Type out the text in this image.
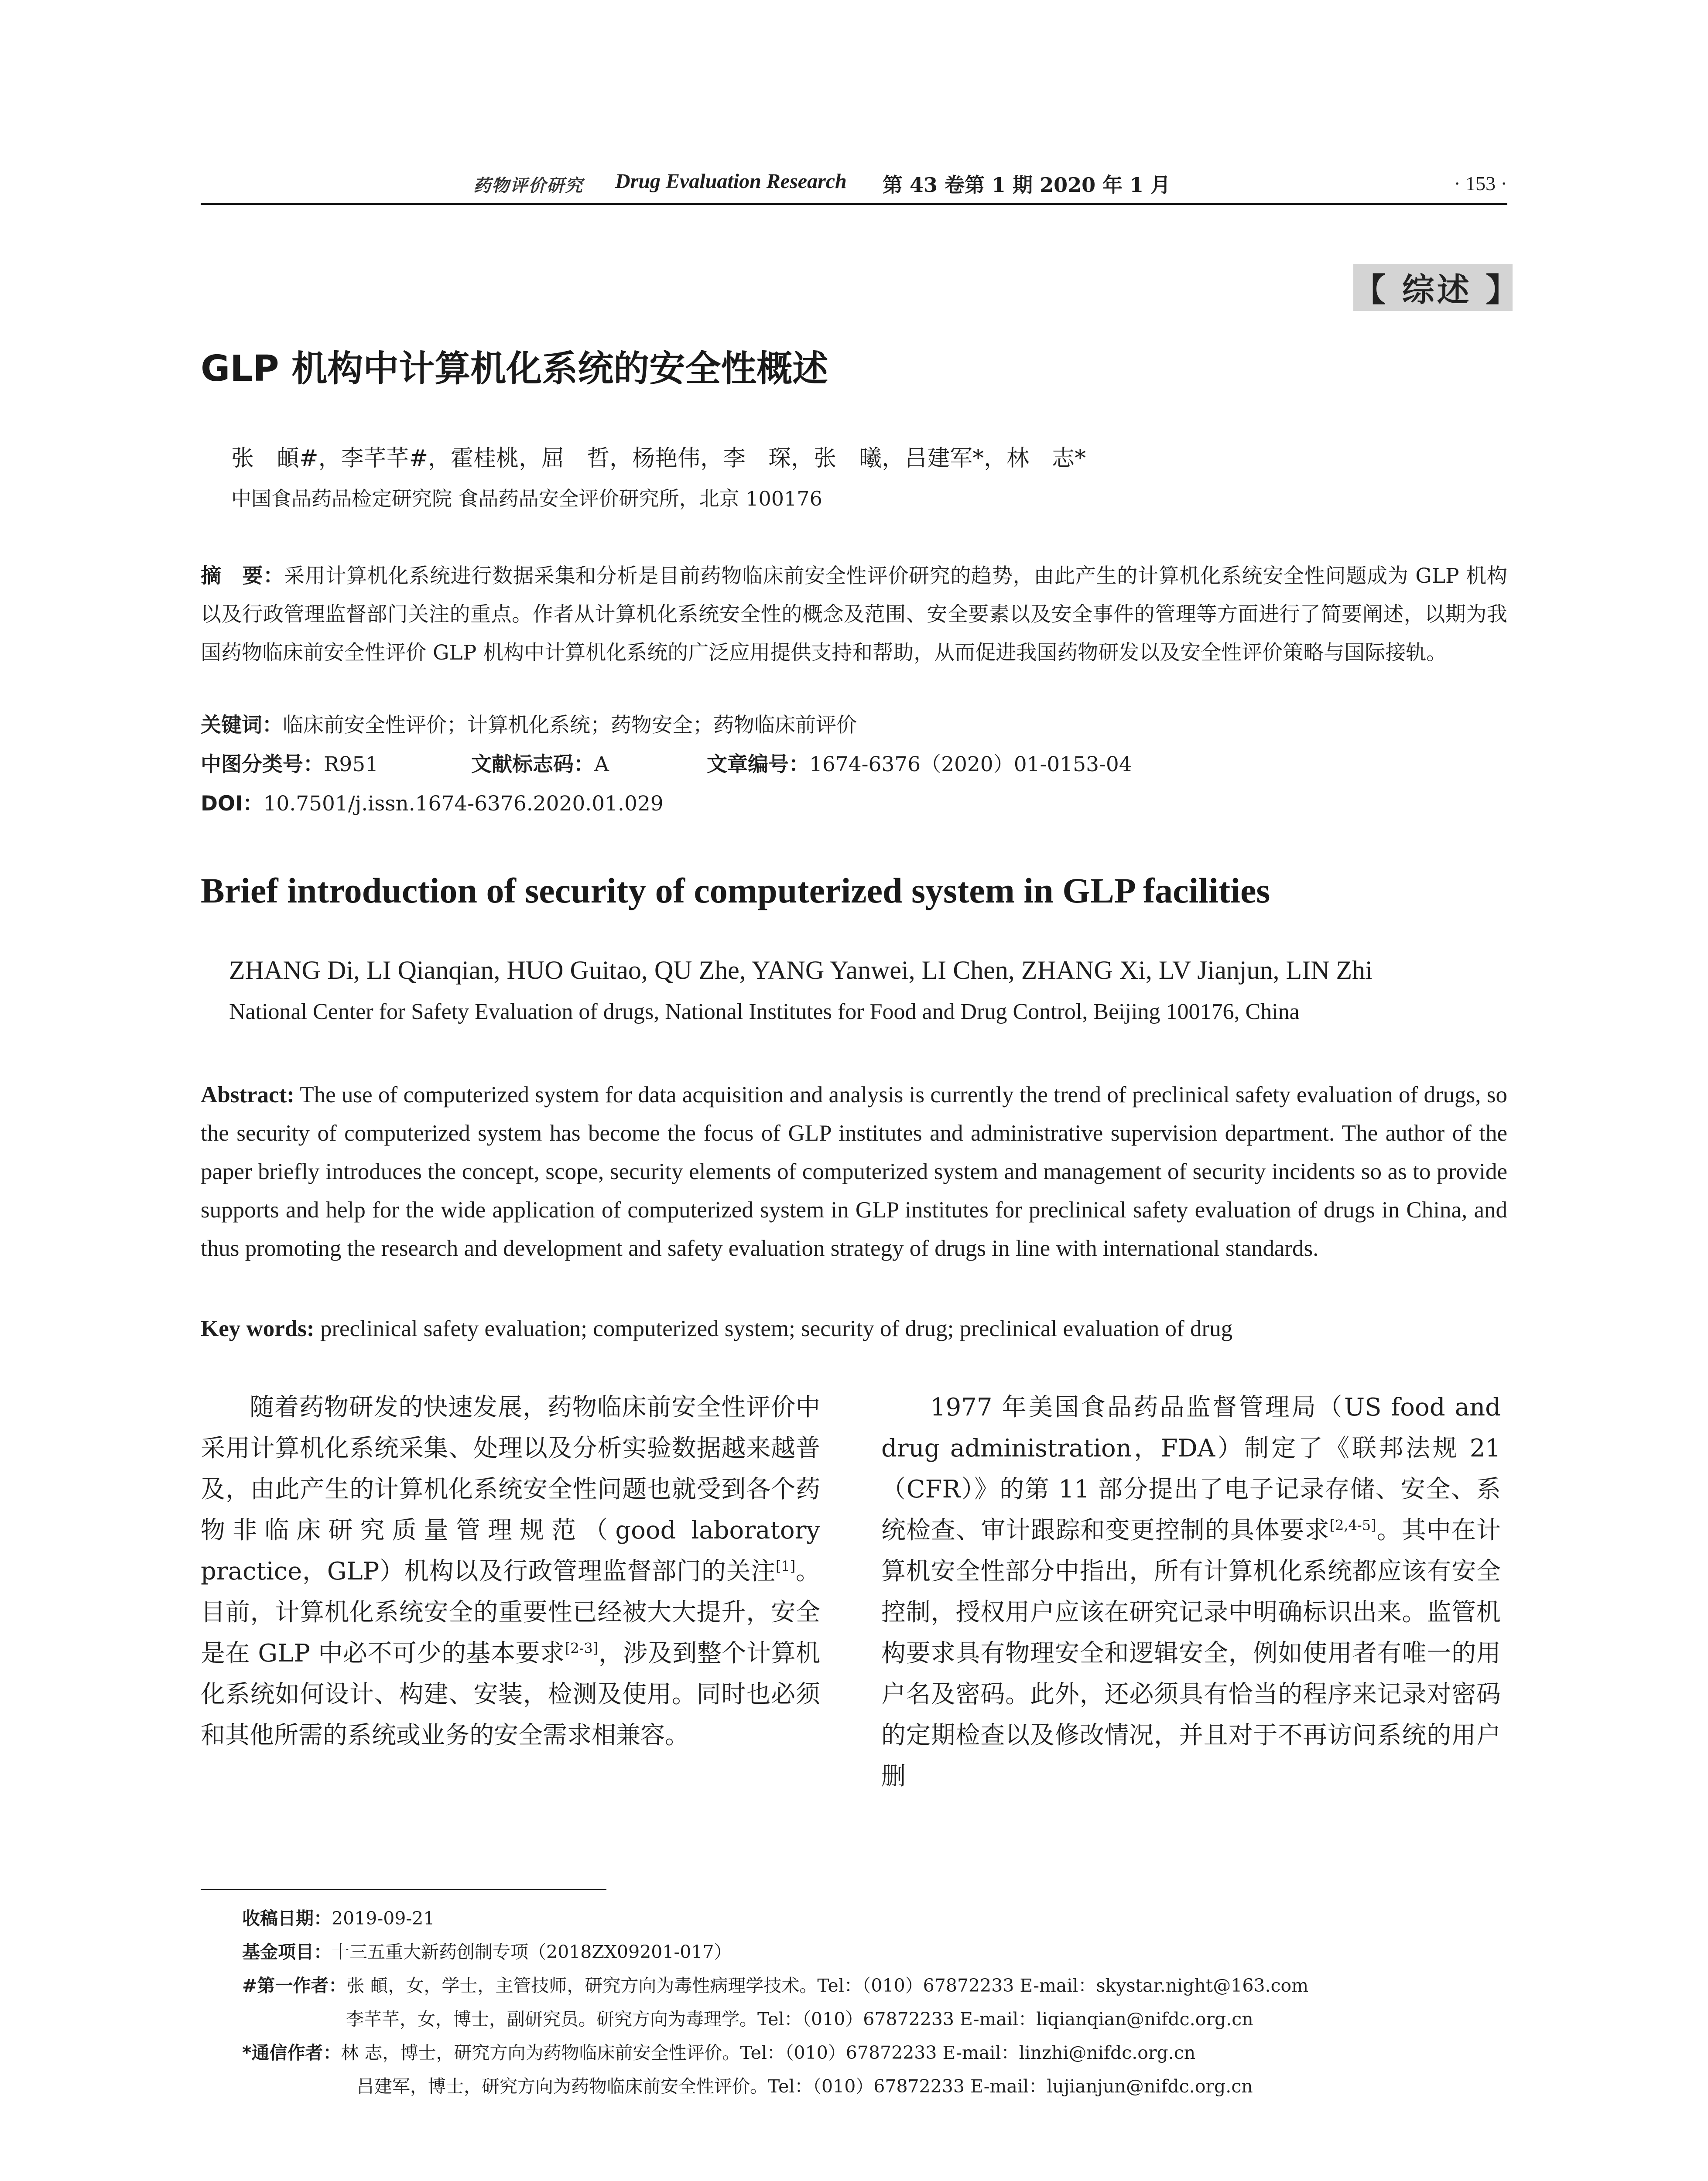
药物评价研究 Drug Evaluation Research 第 43 卷第 1 期 2020 年 1 月	· 153 ·
【 综述 】
GLP 机构中计算机化系统的安全性概述
张　頔#，李芊芊#，霍桂桃，屈　哲，杨艳伟，李　琛，张　曦，吕建军*，林　志*
中国食品药品检定研究院 食品药品安全评价研究所，北京 100176
摘　要：采用计算机化系统进行数据采集和分析是目前药物临床前安全性评价研究的趋势，由此产生的计算机化系统安全性问题成为 GLP 机构以及行政管理监督部门关注的重点。作者从计算机化系统安全性的概念及范围、安全要素以及安全事件的管理等方面进行了简要阐述，以期为我国药物临床前安全性评价 GLP 机构中计算机化系统的广泛应用提供支持和帮助，从而促进我国药物研发以及安全性评价策略与国际接轨。
关键词：临床前安全性评价；计算机化系统；药物安全；药物临床前评价
中图分类号：R951	文献标志码：A	文章编号：1674-6376（2020）01-0153-04
DOI：10.7501/j.issn.1674-6376.2020.01.029
Brief introduction of security of computerized system in GLP facilities
ZHANG Di, LI Qianqian, HUO Guitao, QU Zhe, YANG Yanwei, LI Chen, ZHANG Xi, LV Jianjun, LIN Zhi
National Center for Safety Evaluation of drugs, National Institutes for Food and Drug Control, Beijing 100176, China
Abstract: The use of computerized system for data acquisition and analysis is currently the trend of preclinical safety evaluation of drugs, so the security of computerized system has become the focus of GLP institutes and administrative supervision department. The author of the paper briefly introduces the concept, scope, security elements of computerized system and management of security incidents so as to provide supports and help for the wide application of computerized system in GLP institutes for preclinical safety evaluation of drugs in China, and thus promoting the research and development and safety evaluation strategy of drugs in line with international standards.
Key words: preclinical safety evaluation; computerized system; security of drug; preclinical evaluation of drug

随着药物研发的快速发展，药物临床前安全性评价中采用计算机化系统采集、处理以及分析实验数据越来越普及，由此产生的计算机化系统安全性问题也就受到各个药物非临床研究质量管理规范（good laboratory practice，GLP）机构以及行政管理监督部门的关注[1]。目前，计算机化系统安全的重要性已经被大大提升，安全是在 GLP 中必不可少的基本要求[2-3]，涉及到整个计算机化系统如何设计、构建、安装，检测及使用。同时也必须和其他所需的系统或业务的安全需求相兼容。

1977 年美国食品药品监督管理局（US food and drug administration，FDA）制定了《联邦法规 21（CFR）》的第 11 部分提出了电子记录存储、安全、系统检查、审计跟踪和变更控制的具体要求[2,4-5]。其中在计算机安全性部分中指出，所有计算机化系统都应该有安全控制，授权用户应该在研究记录中明确标识出来。监管机构要求具有物理安全和逻辑安全，例如使用者有唯一的用户名及密码。此外，还必须具有恰当的程序来记录对密码的定期检查以及修改情况，并且对于不再访问系统的用户删

收稿日期：2019-09-21
基金项目：十三五重大新药创制专项（2018ZX09201-017）
#第一作者：张 頔，女，学士，主管技师，研究方向为毒性病理学技术。Tel：（010）67872233 E-mail：skystar.night@163.com
李芊芊，女，博士，副研究员。研究方向为毒理学。Tel：（010）67872233 E-mail：liqianqian@nifdc.org.cn
*通信作者：林 志，博士，研究方向为药物临床前安全性评价。Tel：（010）67872233 E-mail：linzhi@nifdc.org.cn
吕建军，博士，研究方向为药物临床前安全性评价。Tel：（010）67872233 E-mail：lujianjun@nifdc.org.cn
